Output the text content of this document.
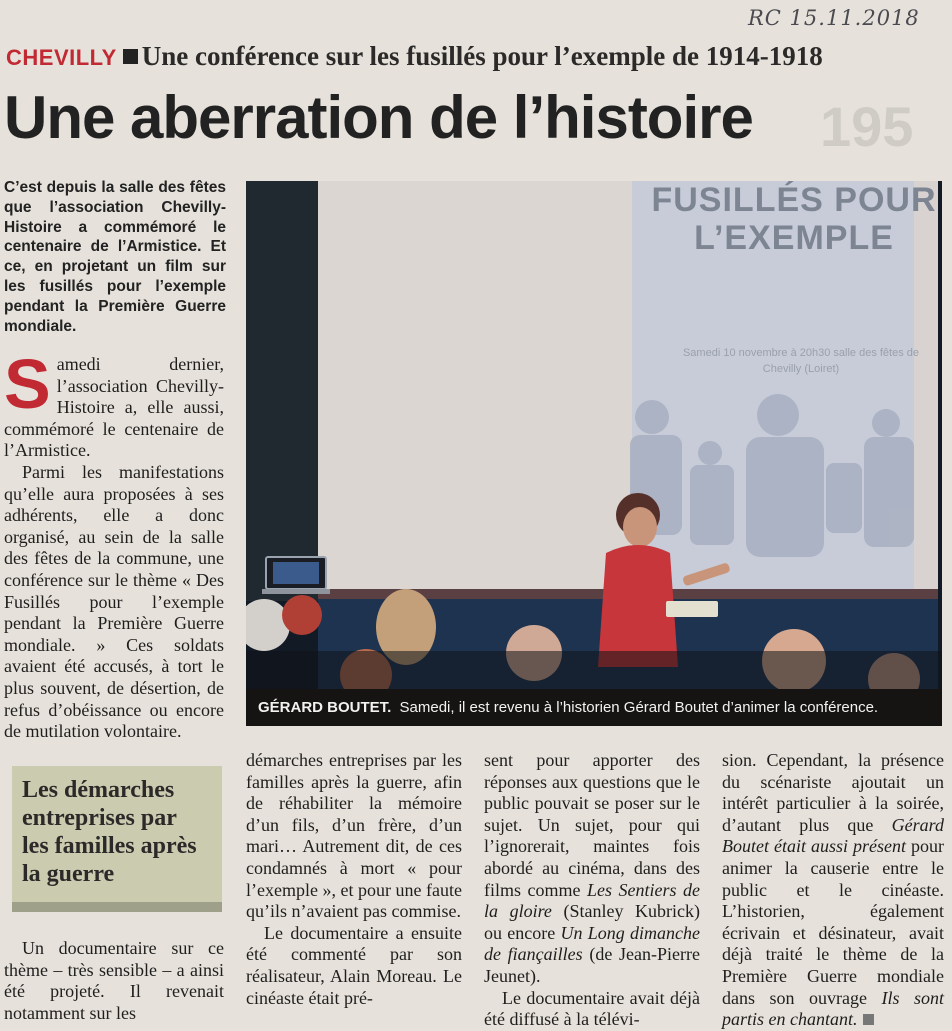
RC 15.11.2018
CHEVILLY Une conférence sur les fusillés pour l’exemple de 1914-1918
Une aberration de l’histoire	195
C’est depuis la salle des fêtes que l’association Chevilly-Histoire a commémoré le centenaire de l’Armistice. Et ce, en projetant un film sur les fusillés pour l’exemple pendant la Première Guerre mondiale.

Samedi dernier, l’association Chevilly-Histoire a, elle aussi, commémoré le centenaire de l’Armistice.

Parmi les manifestations qu’elle aura proposées à ses adhérents, elle a donc organisé, au sein de la salle des fêtes de la commune, une conférence sur le thème « Des Fusillés pour l’exemple pendant la Première Guerre mondiale. » Ces soldats avaient été accusés, à tort le plus souvent, de désertion, de refus d’obéissance ou encore de mutilation volontaire.

Les démarches entreprises par les familles après la guerre

Un documentaire sur ce thème – très sensible – a ainsi été projeté. Il revenait notamment sur les

démarches entreprises par les familles après la guerre, afin de réhabiliter la mémoire d’un fils, d’un frère, d’un mari… Autrement dit, de ces condamnés à mort « pour l’exemple », et pour une faute qu’ils n’avaient pas commise.

Le documentaire a ensuite été commenté par son réalisateur, Alain Moreau. Le cinéaste était pré-

sent pour apporter des réponses aux questions que le public pouvait se poser sur le sujet. Un sujet, pour qui l’ignorerait, maintes fois abordé au cinéma, dans des films comme Les Sentiers de la gloire (Stanley Kubrick) ou encore Un Long dimanche de fiançailles (de Jean-Pierre Jeunet).

Le documentaire avait déjà été diffusé à la télévi-

sion. Cependant, la présence du scénariste ajoutait un intérêt particulier à la soirée, d’autant plus que Gérard Boutet était aussi présent pour animer la causerie entre le public et le cinéaste. L’historien, également écrivain et désinateur, avait déjà traité le thème de la Première Guerre mondiale dans son ouvrage Ils sont partis en chantant.

FUSILLÉS POUR L’EXEMPLE
Samedi 10 novembre à 20h30 salle des fêtes de Chevilly (Loiret)
GÉRARD BOUTET. Samedi, il est revenu à l’historien Gérard Boutet d’animer la conférence.
